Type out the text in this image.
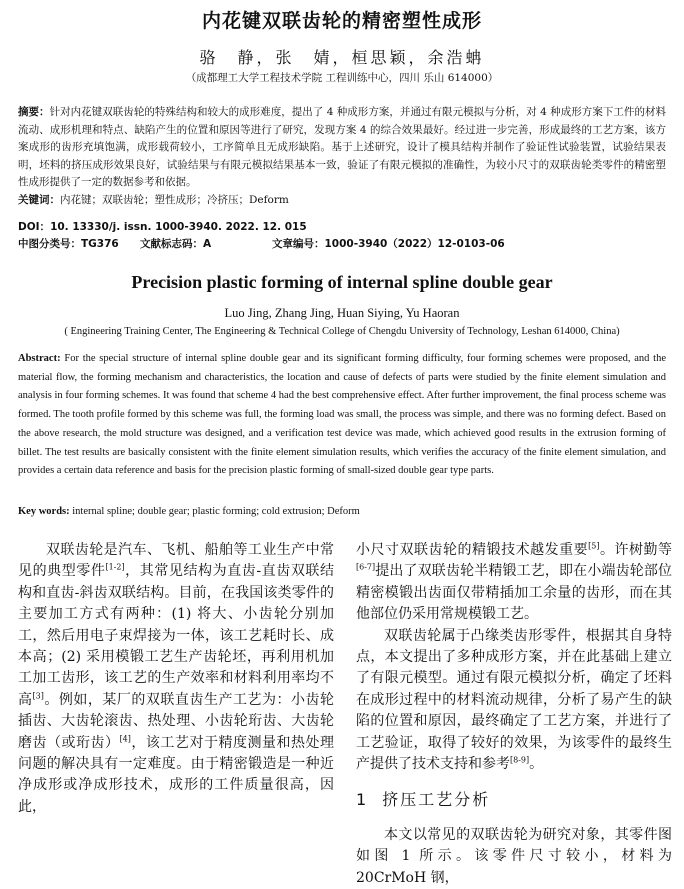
内花键双联齿轮的精密塑性成形
骆　静，张　婧，桓思颖，余浩蚺
（成都理工大学工程技术学院 工程训练中心，四川 乐山 614000）
摘要：针对内花键双联齿轮的特殊结构和较大的成形难度，提出了 4 种成形方案，并通过有限元模拟与分析，对 4 种成形方案下工件的材料流动、成形机理和特点、缺陷产生的位置和原因等进行了研究，发现方案 4 的综合效果最好。经过进一步完善，形成最终的工艺方案，该方案成形的齿形充填饱满，成形载荷较小，工序简单且无成形缺陷。基于上述研究，设计了模具结构并制作了验证性试验装置，试验结果表明，坯料的挤压成形效果良好，试验结果与有限元模拟结果基本一致，验证了有限元模拟的准确性，为较小尺寸的双联齿轮类零件的精密塑性成形提供了一定的数据参考和依据。
关键词：内花键；双联齿轮；塑性成形；冷挤压；Deform
DOI：10. 13330/j. issn. 1000-3940. 2022. 12. 015
中图分类号：TG376 文献标志码：A	文章编号：1000-3940（2022）12-0103-06
Precision plastic forming of internal spline double gear
Luo Jing, Zhang Jing, Huan Siying, Yu Haoran
( Engineering Training Center, The Engineering & Technical College of Chengdu University of Technology, Leshan 614000, China)
Abstract: For the special structure of internal spline double gear and its significant forming difficulty, four forming schemes were proposed, and the material flow, the forming mechanism and characteristics, the location and cause of defects of parts were studied by the finite element simulation and analysis in four forming schemes. It was found that scheme 4 had the best comprehensive effect. After further improvement, the final process scheme was formed. The tooth profile formed by this scheme was full, the forming load was small, the process was simple, and there was no forming defect. Based on the above research, the mold structure was designed, and a verification test device was made, which achieved good results in the extrusion forming of billet. The test results are basically consistent with the finite element simulation results, which verifies the accuracy of the finite element simulation, and provides a certain data reference and basis for the precision plastic forming of small-sized double gear type parts.
Key words: internal spline; double gear; plastic forming; cold extrusion; Deform

双联齿轮是汽车、飞机、船舶等工业生产中常见的典型零件[1-2]，其常见结构为直齿-直齿双联结构和直齿-斜齿双联结构。目前，在我国该类零件的主要加工方式有两种：(1) 将大、小齿轮分别加工，然后用电子束焊接为一体，该工艺耗时长、成本高；(2) 采用模锻工艺生产齿轮坯，再利用机加工加工齿形，该工艺的生产效率和材料利用率均不高[3]。例如，某厂的双联直齿生产工艺为：小齿轮插齿、大齿轮滚齿、热处理、小齿轮珩齿、大齿轮磨齿（或珩齿）[4]，该工艺对于精度测量和热处理问题的解决具有一定难度。由于精密锻造是一种近净成形或净成形技术，成形的工件质量很高，因此，

小尺寸双联齿轮的精锻技术越发重要[5]。许树勤等[6-7]提出了双联齿轮半精锻工艺，即在小端齿轮部位精密模锻出齿面仅带精插加工余量的齿形，而在其他部位仍采用常规模锻工艺。

双联齿轮属于凸缘类齿形零件，根据其自身特点，本文提出了多种成形方案，并在此基础上建立了有限元模型。通过有限元模拟分析，确定了坯料在成形过程中的材料流动规律，分析了易产生的缺陷的位置和原因，最终确定了工艺方案，并进行了工艺验证，取得了较好的效果，为该零件的最终生产提供了技术支持和参考[8-9]。

1 挤压工艺分析

本文以常见的双联齿轮为研究对象，其零件图如图 1 所示。该零件尺寸较小，材料为 20CrMoH 钢，
